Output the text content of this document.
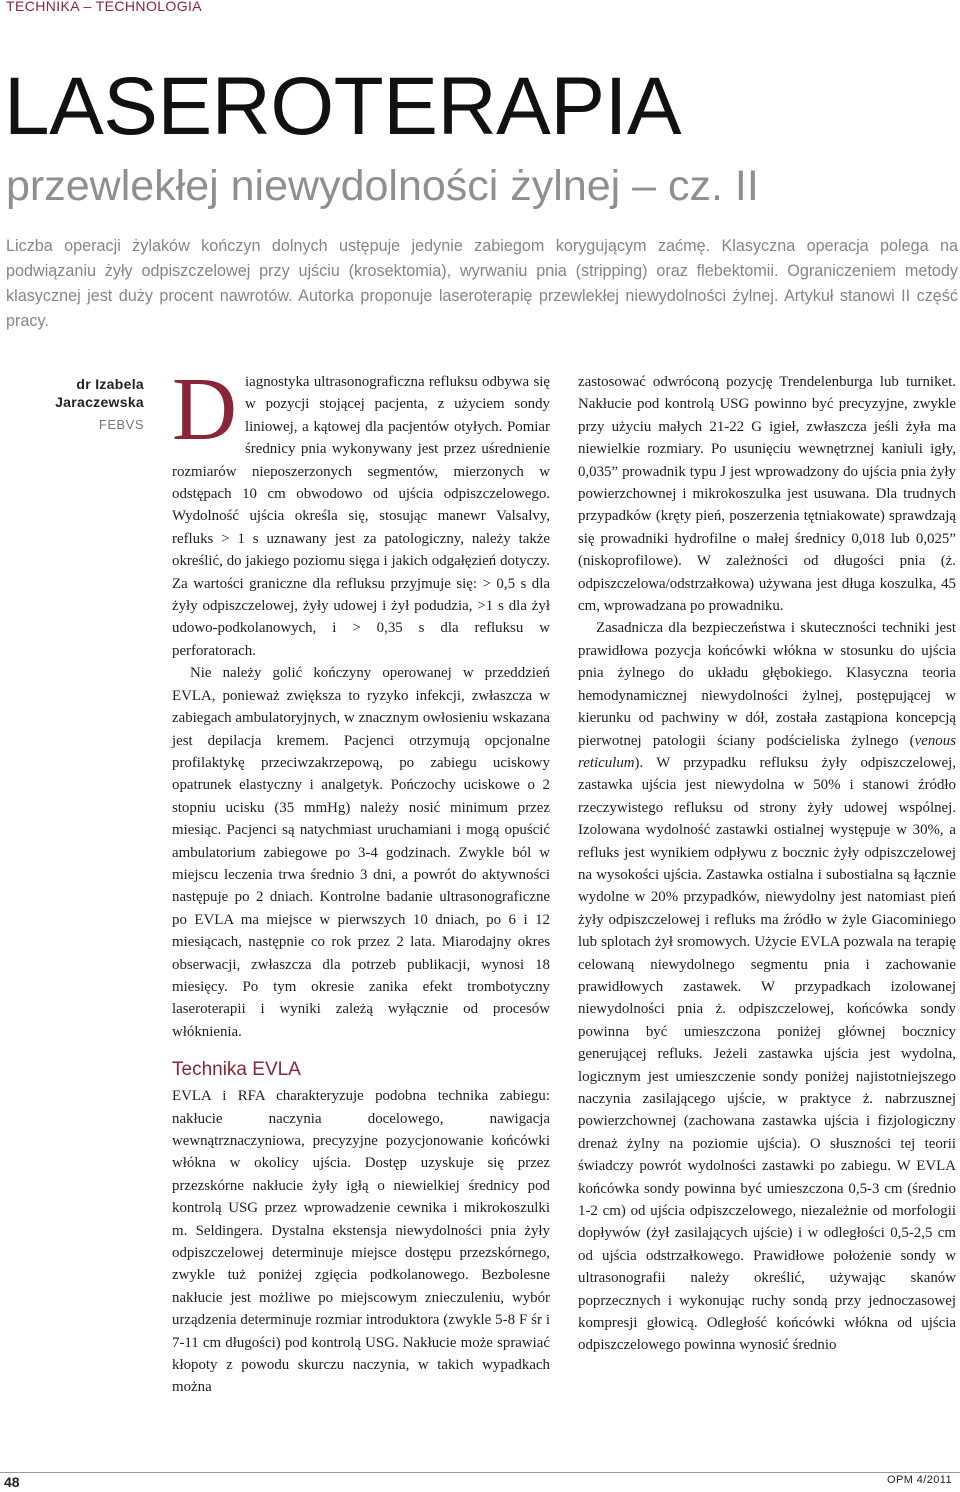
TECHNIKA – TECHNOLOGIA
LASEROTERAPIA
przewlekłej niewydolności żylnej – cz. II

Liczba operacji żylaków kończyn dolnych ustępuje jedynie zabiegom korygującym zaćmę. Klasyczna operacja polega na podwiązaniu żyły odpiszczelowej przy ujściu (krosektomia), wyrwaniu pnia (stripping) oraz flebektomii. Ograniczeniem metody klasycznej jest duży procent nawrotów. Autorka proponuje laseroterapię przewlekłej niewydolności żylnej. Artykuł stanowi II część pracy.

dr Izabela
Jaraczewska
FEBVS Diagnostyka ultrasonograficzna refluksu odbywa się w pozycji stojącej pacjenta, z użyciem sondy liniowej, a kątowej dla pacjentów otyłych. Pomiar średnicy pnia wykonywany jest przez uśrednienie rozmiarów nieposzerzonych segmentów, mierzonych w odstępach 10 cm obwodowo od ujścia odpiszczelowego. Wydolność ujścia określa się, stosując manewr Valsalvy, refluks > 1 s uznawany jest za patologiczny, należy także określić, do jakiego poziomu sięga i jakich odgałęzień dotyczy. Za wartości graniczne dla refluksu przyjmuje się: > 0,5 s dla żyły odpiszczelowej, żyły udowej i żył podudzia, >1 s dla żył udowo-podkolanowych, i > 0,35 s dla refluksu w perforatorach.

Nie należy golić kończyny operowanej w przeddzień EVLA, ponieważ zwiększa to ryzyko infekcji, zwłaszcza w zabiegach ambulatoryjnych, w znacznym owłosieniu wskazana jest depilacja kremem. Pacjenci otrzymują opcjonalne profilaktykę przeciwzakrzepową, po zabiegu uciskowy opatrunek elastyczny i analgetyk. Pończochy uciskowe o 2 stopniu ucisku (35 mmHg) należy nosić minimum przez miesiąc. Pacjenci są natychmiast uruchamiani i mogą opuścić ambulatorium zabiegowe po 3-4 godzinach. Zwykle ból w miejscu leczenia trwa średnio 3 dni, a powrót do aktywności następuje po 2 dniach. Kontrolne badanie ultrasonograficzne po EVLA ma miejsce w pierwszych 10 dniach, po 6 i 12 miesiącach, następnie co rok przez 2 lata. Miarodajny okres obserwacji, zwłaszcza dla potrzeb publikacji, wynosi 18 miesięcy. Po tym okresie zanika efekt trombotyczny laseroterapii i wyniki zależą wyłącznie od procesów włóknienia.

Technika EVLA

EVLA i RFA charakteryzuje podobna technika zabiegu: nakłucie naczynia docelowego, nawigacja wewnątrznaczyniowa, precyzyjne pozycjonowanie końcówki włókna w okolicy ujścia. Dostęp uzyskuje się przez przezskórne nakłucie żyły igłą o niewielkiej średnicy pod kontrolą USG przez wprowadzenie cewnika i mikrokoszulki m. Seldingera. Dystalna ekstensja niewydolności pnia żyły odpiszczelowej determinuje miejsce dostępu przezskórnego, zwykle tuż poniżej zgięcia podkolanowego. Bezbolesne nakłucie jest możliwe po miejscowym znieczuleniu, wybór urządzenia determinuje rozmiar introduktora (zwykle 5-8 F śr i 7-11 cm długości) pod kontrolą USG. Nakłucie może sprawiać kłopoty z powodu skurczu naczynia, w takich wypadkach można

zastosować odwróconą pozycję Trendelenburga lub turniket. Nakłucie pod kontrolą USG powinno być precyzyjne, zwykle przy użyciu małych 21-22 G igieł, zwłaszcza jeśli żyła ma niewielkie rozmiary. Po usunięciu wewnętrznej kaniuli igły, 0,035” prowadnik typu J jest wprowadzony do ujścia pnia żyły powierzchownej i mikrokoszulka jest usuwana. Dla trudnych przypadków (kręty pień, poszerzenia tętniakowate) sprawdzają się prowadniki hydrofilne o małej średnicy 0,018 lub 0,025” (niskoprofilowe). W zależności od długości pnia (ż. odpiszczelowa/odstrzałkowa) używana jest długa koszulka, 45 cm, wprowadzana po prowadniku.

Zasadnicza dla bezpieczeństwa i skuteczności techniki jest prawidłowa pozycja końcówki włókna w stosunku do ujścia pnia żylnego do układu głębokiego. Klasyczna teoria hemodynamicznej niewydolności żylnej, postępującej w kierunku od pachwiny w dół, została zastąpiona koncepcją pierwotnej patologii ściany podścieliska żylnego (venous reticulum). W przypadku refluksu żyły odpiszczelowej, zastawka ujścia jest niewydolna w 50% i stanowi źródło rzeczywistego refluksu od strony żyły udowej wspólnej. Izolowana wydolność zastawki ostialnej występuje w 30%, a refluks jest wynikiem odpływu z bocznic żyły odpiszczelowej na wysokości ujścia. Zastawka ostialna i subostialna są łącznie wydolne w 20% przypadków, niewydolny jest natomiast pień żyły odpiszczelowej i refluks ma źródło w żyle Giacominiego lub splotach żył sromowych. Użycie EVLA pozwala na terapię celowaną niewydolnego segmentu pnia i zachowanie prawidłowych zastawek. W przypadkach izolowanej niewydolności pnia ż. odpiszczelowej, końcówka sondy powinna być umieszczona poniżej głównej bocznicy generującej refluks. Jeżeli zastawka ujścia jest wydolna, logicznym jest umieszczenie sondy poniżej najistotniejszego naczynia zasilającego ujście, w praktyce ż. nabrzusznej powierzchownej (zachowana zastawka ujścia i fizjologiczny drenaż żylny na poziomie ujścia). O słuszności tej teorii świadczy powrót wydolności zastawki po zabiegu. W EVLA końcówka sondy powinna być umieszczona 0,5-3 cm (średnio 1-2 cm) od ujścia odpiszczelowego, niezależnie od morfologii dopływów (żył zasilających ujście) i w odległości 0,5-2,5 cm od ujścia odstrzałkowego. Prawidłowe położenie sondy w ultrasonografii należy określić, używając skanów poprzecznych i wykonując ruchy sondą przy jednoczasowej kompresji głowicą. Odległość końcówki włókna od ujścia odpiszczelowego powinna wynosić średnio

48	OPM 4/2011
